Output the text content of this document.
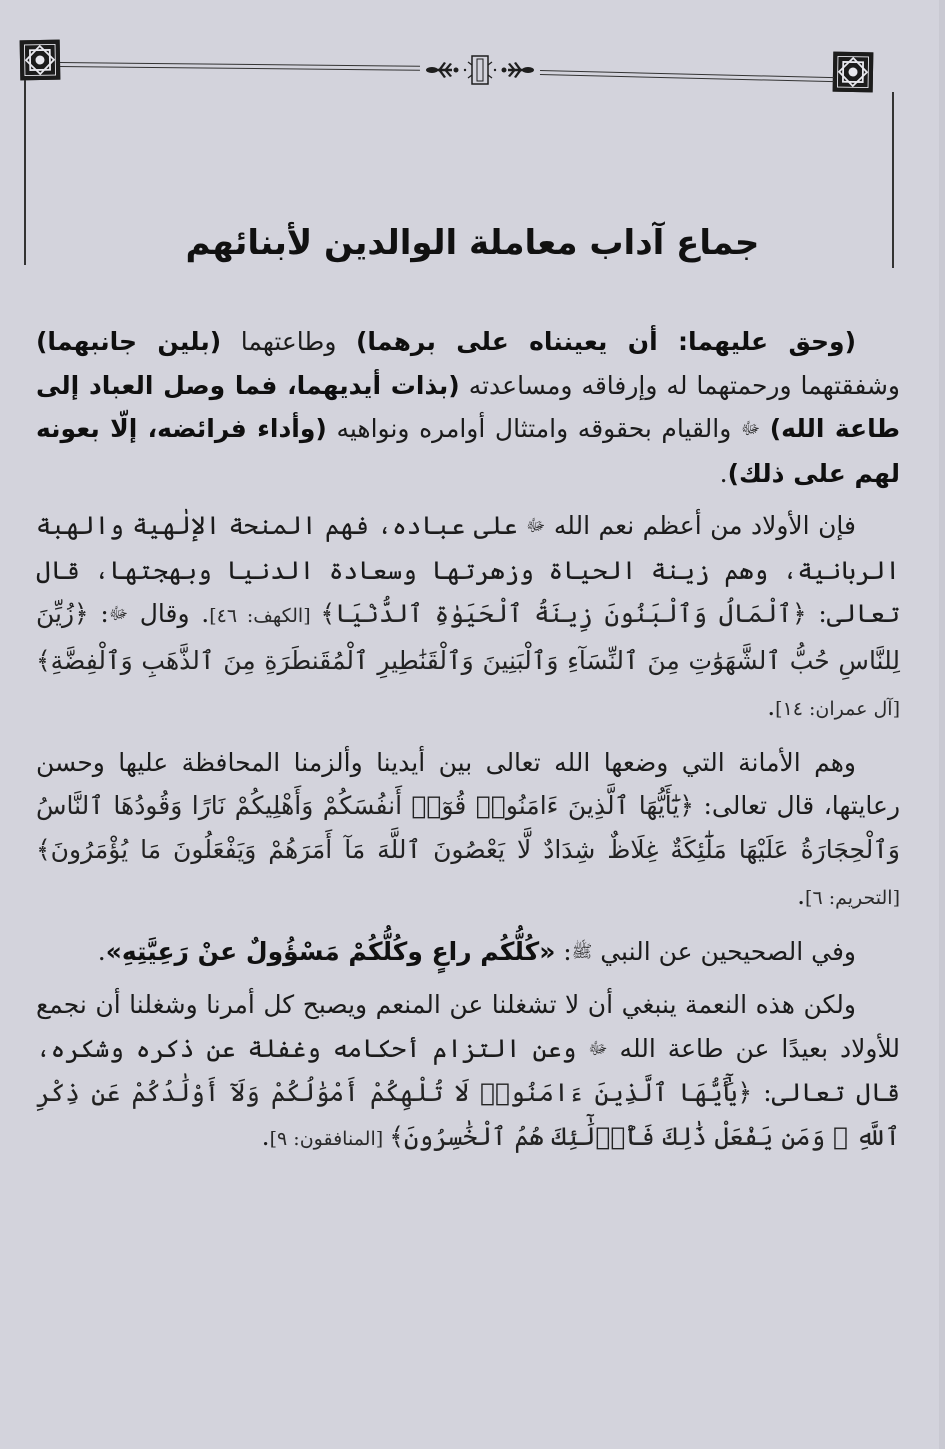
جماع آداب معاملة الوالدين لأبنائهم

(وحق عليهما: أن يعينناه على برهما) وطاعتهما (بلين جانبهما) وشفقتهما ورحمتهما له وإرفاقه ومساعدته (بذات أيديهما، فما وصل العباد إلى طاعة الله) ﷻ والقيام بحقوقه وامتثال أوامره ونواهيه (وأداء فرائضه، إلّا بعونه لهم على ذلك).

فإن الأولاد من أعظم نعم الله ﷻ على عباده، فهم المنحة الإلٰهية والهبة الربانية، وهم زينة الحياة وزهرتها وسعادة الدنيا وبهجتها، قال تعالى: ﴿ٱلْمَالُ وَٱلْبَنُونَ زِينَةُ ٱلْحَيَوٰةِ ٱلدُّنْيَا﴾ [الكهف: ٤٦]. وقال ﷻ: ﴿زُيِّنَ لِلنَّاسِ حُبُّ ٱلشَّهَوَٰتِ مِنَ ٱلنِّسَآءِ وَٱلْبَنِينَ وَٱلْقَنَٰطِيرِ ٱلْمُقَنطَرَةِ مِنَ ٱلذَّهَبِ وَٱلْفِضَّةِ﴾ [آل عمران: ١٤].

وهم الأمانة التي وضعها الله تعالى بين أيدينا وألزمنا المحافظة عليها وحسن رعايتها، قال تعالى: ﴿يَٰٓأَيُّهَا ٱلَّذِينَ ءَامَنُوا۟ قُوٓا۟ أَنفُسَكُمْ وَأَهْلِيكُمْ نَارًا وَقُودُهَا ٱلنَّاسُ وَٱلْحِجَارَةُ عَلَيْهَا مَلَٰٓئِكَةٌ غِلَاظٌ شِدَادٌ لَّا يَعْصُونَ ٱللَّهَ مَآ أَمَرَهُمْ وَيَفْعَلُونَ مَا يُؤْمَرُونَ﴾ [التحريم: ٦].

وفي الصحيحين عن النبي ﷺ: «كُلُّكُم راعٍ وكُلُّكُمْ مَسْؤُولٌ عنْ رَعِيَّتِهِ».

ولكن هذه النعمة ينبغي أن لا تشغلنا عن المنعم ويصبح كل أمرنا وشغلنا أن نجمع للأولاد بعيدًا عن طاعة الله ﷻ وعن التزام أحكامه وغفلة عن ذكره وشكره، قال تعالى: ﴿يَٰٓأَيُّهَا ٱلَّذِينَ ءَامَنُوا۟ لَا تُلْهِكُمْ أَمْوَٰلُكُمْ وَلَآ أَوْلَٰدُكُمْ عَن ذِكْرِ ٱللَّهِ ۚ وَمَن يَفْعَلْ ذَٰلِكَ فَأُو۟لَٰٓئِكَ هُمُ ٱلْخَٰسِرُونَ﴾ [المنافقون: ٩].
